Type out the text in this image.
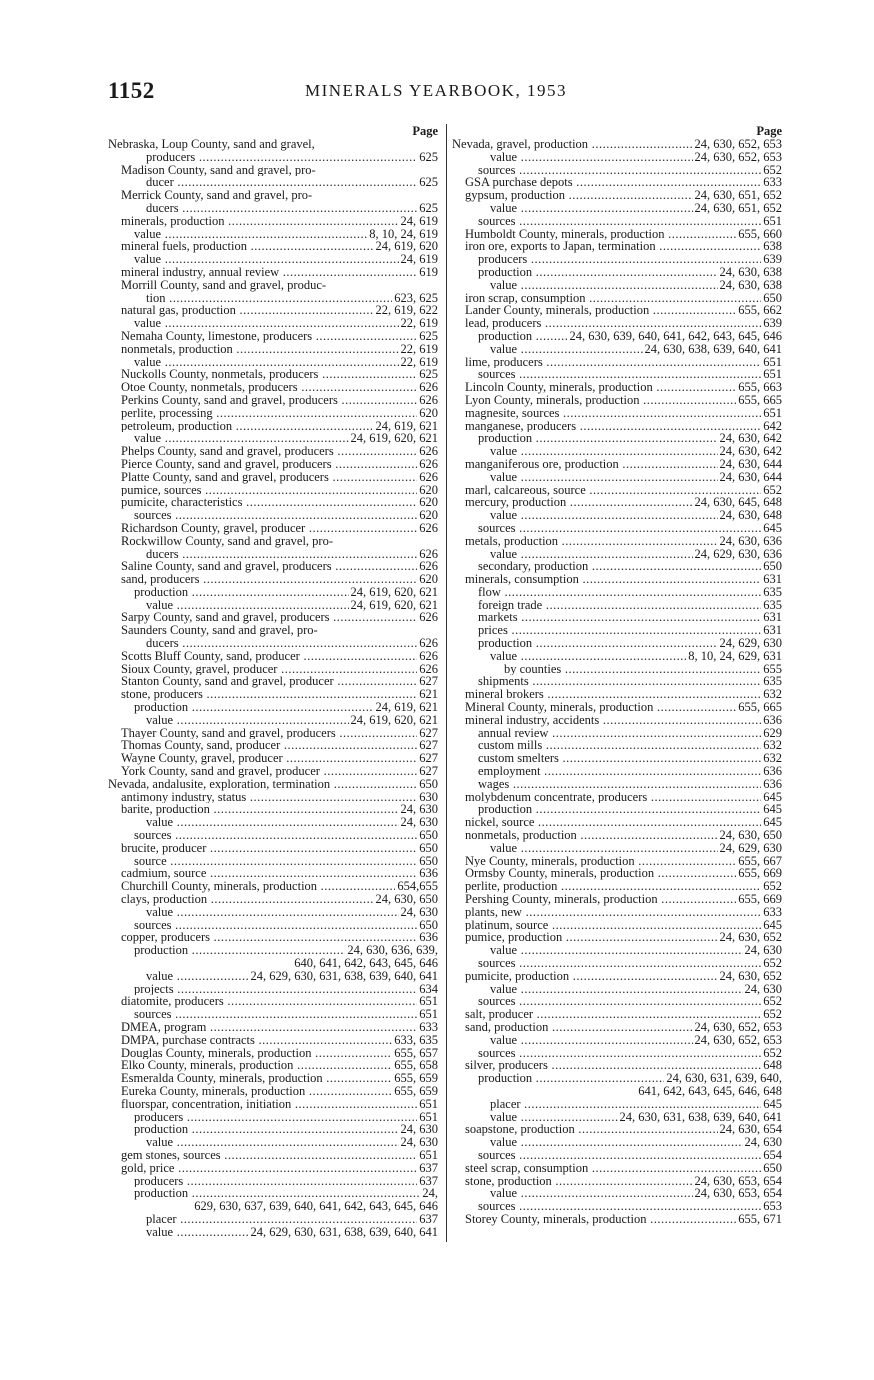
1152	MINERALS YEARBOOK, 1953
Page
Nebraska, Loup County, sand and gravel,
producers .....	625
Madison County, sand and gravel, pro-
ducer .....	625
Merrick County, sand and gravel, pro-
ducers .....	625
minerals, production .....	24, 619
value .....	8, 10, 24, 619
mineral fuels, production .....	24, 619, 620
value .....	24, 619
mineral industry, annual review .....	619
Morrill County, sand and gravel, produc-
tion .....	623, 625
natural gas, production .....	22, 619, 622
value .....	22, 619
Nemaha County, limestone, producers .....	625
nonmetals, production .....	22, 619
value .....	22, 619
Nuckolls County, nonmetals, producers .....	625
Otoe County, nonmetals, producers .....	626
Perkins County, sand and gravel, producers .....	626
perlite, processing .....	620
petroleum, production .....	24, 619, 621
value .....	24, 619, 620, 621
Phelps County, sand and gravel, producers .....	626
Pierce County, sand and gravel, producers .....	626
Platte County, sand and gravel, producers .....	626
pumice, sources .....	620
pumicite, characteristics .....	620
sources .....	620
Richardson County, gravel, producer .....	626
Rockwillow County, sand and gravel, pro-
ducers .....	626
Saline County, sand and gravel, producers .....	626
sand, producers .....	620
production .....	24, 619, 620, 621
value .....	24, 619, 620, 621
Sarpy County, sand and gravel, producers .....	626
Saunders County, sand and gravel, pro-
ducers .....	626
Scotts Bluff County, sand, producer .....	626
Sioux County, gravel, producer .....	626
Stanton County, sand and gravel, producer .....	627
stone, producers .....	621
production .....	24, 619, 621
value .....	24, 619, 620, 621
Thayer County, sand and gravel, producers .....	627
Thomas County, sand, producer .....	627
Wayne County, gravel, producer .....	627
York County, sand and gravel, producer .....	627
Nevada, andalusite, exploration, termination .....	650
antimony industry, status .....	630
barite, production .....	24, 630
value .....	24, 630
sources .....	650
brucite, producer .....	650
source .....	650
cadmium, source .....	636
Churchill County, minerals, production .....	654,655
clays, production .....	24, 630, 650
value .....	24, 630
sources .....	650
copper, producers .....	636
production .....	24, 630, 636, 639,
640, 641, 642, 643, 645, 646
value .....	24, 629, 630, 631, 638, 639, 640, 641
projects .....	634
diatomite, producers .....	651
sources .....	651
DMEA, program .....	633
DMPA, purchase contracts .....	633, 635
Douglas County, minerals, production .....	655, 657
Elko County, minerals, production .....	655, 658
Esmeralda County, minerals, production .....	655, 659
Eureka County, minerals, production .....	655, 659
fluorspar, concentration, initiation .....	651
producers .....	651
production .....	24, 630
value .....	24, 630
gem stones, sources .....	651
gold, price .....	637
producers .....	637
production .....	24,
629, 630, 637, 639, 640, 641, 642, 643, 645, 646
placer .....	637
value .....	24, 629, 630, 631, 638, 639, 640, 641
Page
Nevada, gravel, production .....	24, 630, 652, 653
value .....	24, 630, 652, 653
sources .....	652
GSA purchase depots .....	633
gypsum, production .....	24, 630, 651, 652
value .....	24, 630, 651, 652
sources .....	651
Humboldt County, minerals, production .....	655, 660
iron ore, exports to Japan, termination .....	638
producers .....	639
production .....	24, 630, 638
value .....	24, 630, 638
iron scrap, consumption .....	650
Lander County, minerals, production .....	655, 662
lead, producers .....	639
production .....	24, 630, 639, 640, 641, 642, 643, 645, 646
value .....	24, 630, 638, 639, 640, 641
lime, producers .....	651
sources .....	651
Lincoln County, minerals, production .....	655, 663
Lyon County, minerals, production .....	655, 665
magnesite, sources .....	651
manganese, producers .....	642
production .....	24, 630, 642
value .....	24, 630, 642
manganiferous ore, production .....	24, 630, 644
value .....	24, 630, 644
marl, calcareous, source .....	652
mercury, production .....	24, 630, 645, 648
value .....	24, 630, 648
sources .....	645
metals, production .....	24, 630, 636
value .....	24, 629, 630, 636
secondary, production .....	650
minerals, consumption .....	631
flow .....	635
foreign trade .....	635
markets .....	631
prices .....	631
production .....	24, 629, 630
value .....	8, 10, 24, 629, 631
by counties .....	655
shipments .....	635
mineral brokers .....	632
Mineral County, minerals, production .....	655, 665
mineral industry, accidents .....	636
annual review .....	629
custom mills .....	632
custom smelters .....	632
employment .....	636
wages .....	636
molybdenum concentrate, producers .....	645
production .....	645
nickel, source .....	645
nonmetals, production .....	24, 630, 650
value .....	24, 629, 630
Nye County, minerals, production .....	655, 667
Ormsby County, minerals, production .....	655, 669
perlite, production .....	652
Pershing County, minerals, production .....	655, 669
plants, new .....	633
platinum, source .....	645
pumice, production .....	24, 630, 652
value .....	24, 630
sources .....	652
pumicite, production .....	24, 630, 652
value .....	24, 630
sources .....	652
salt, producer .....	652
sand, production .....	24, 630, 652, 653
value .....	24, 630, 652, 653
sources .....	652
silver, producers .....	648
production .....	24, 630, 631, 639, 640,
641, 642, 643, 645, 646, 648
placer .....	645
value .....	24, 630, 631, 638, 639, 640, 641
soapstone, production .....	24, 630, 654
value .....	24, 630
sources .....	654
steel scrap, consumption .....	650
stone, production .....	24, 630, 653, 654
value .....	24, 630, 653, 654
sources .....	653
Storey County, minerals, production .....	655, 671
